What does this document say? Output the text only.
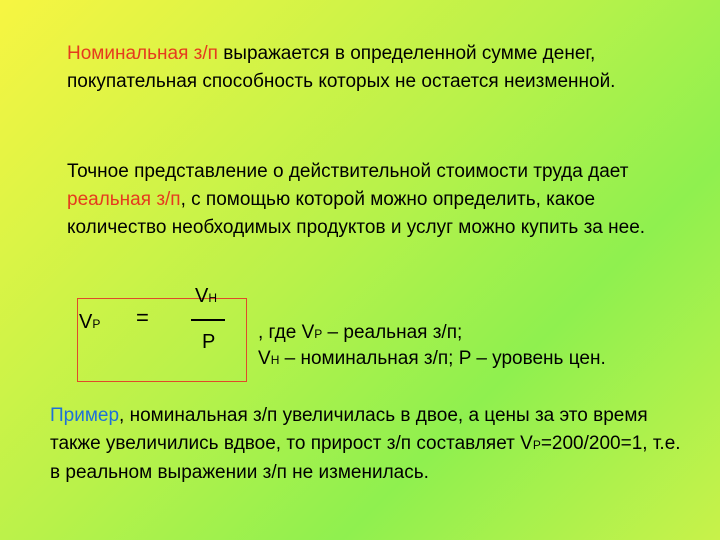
Номинальная з/п выражается в определенной сумме денег, покупательная способность которых не остается неизменной.
Точное представление о действительной стоимости труда дает реальная з/п, с помощью которой можно определить, какое количество необходимых продуктов и услуг можно купить за нее.
VP =
VН
P , где VP – реальная з/п;
VН – номинальная з/п; P – уровень цен.
Пример, номинальная з/п увеличилась в двое, а цены за это время также увеличились вдвое, то прирост з/п составляет VР=200/200=1, т.е. в реальном выражении з/п не изменилась.
